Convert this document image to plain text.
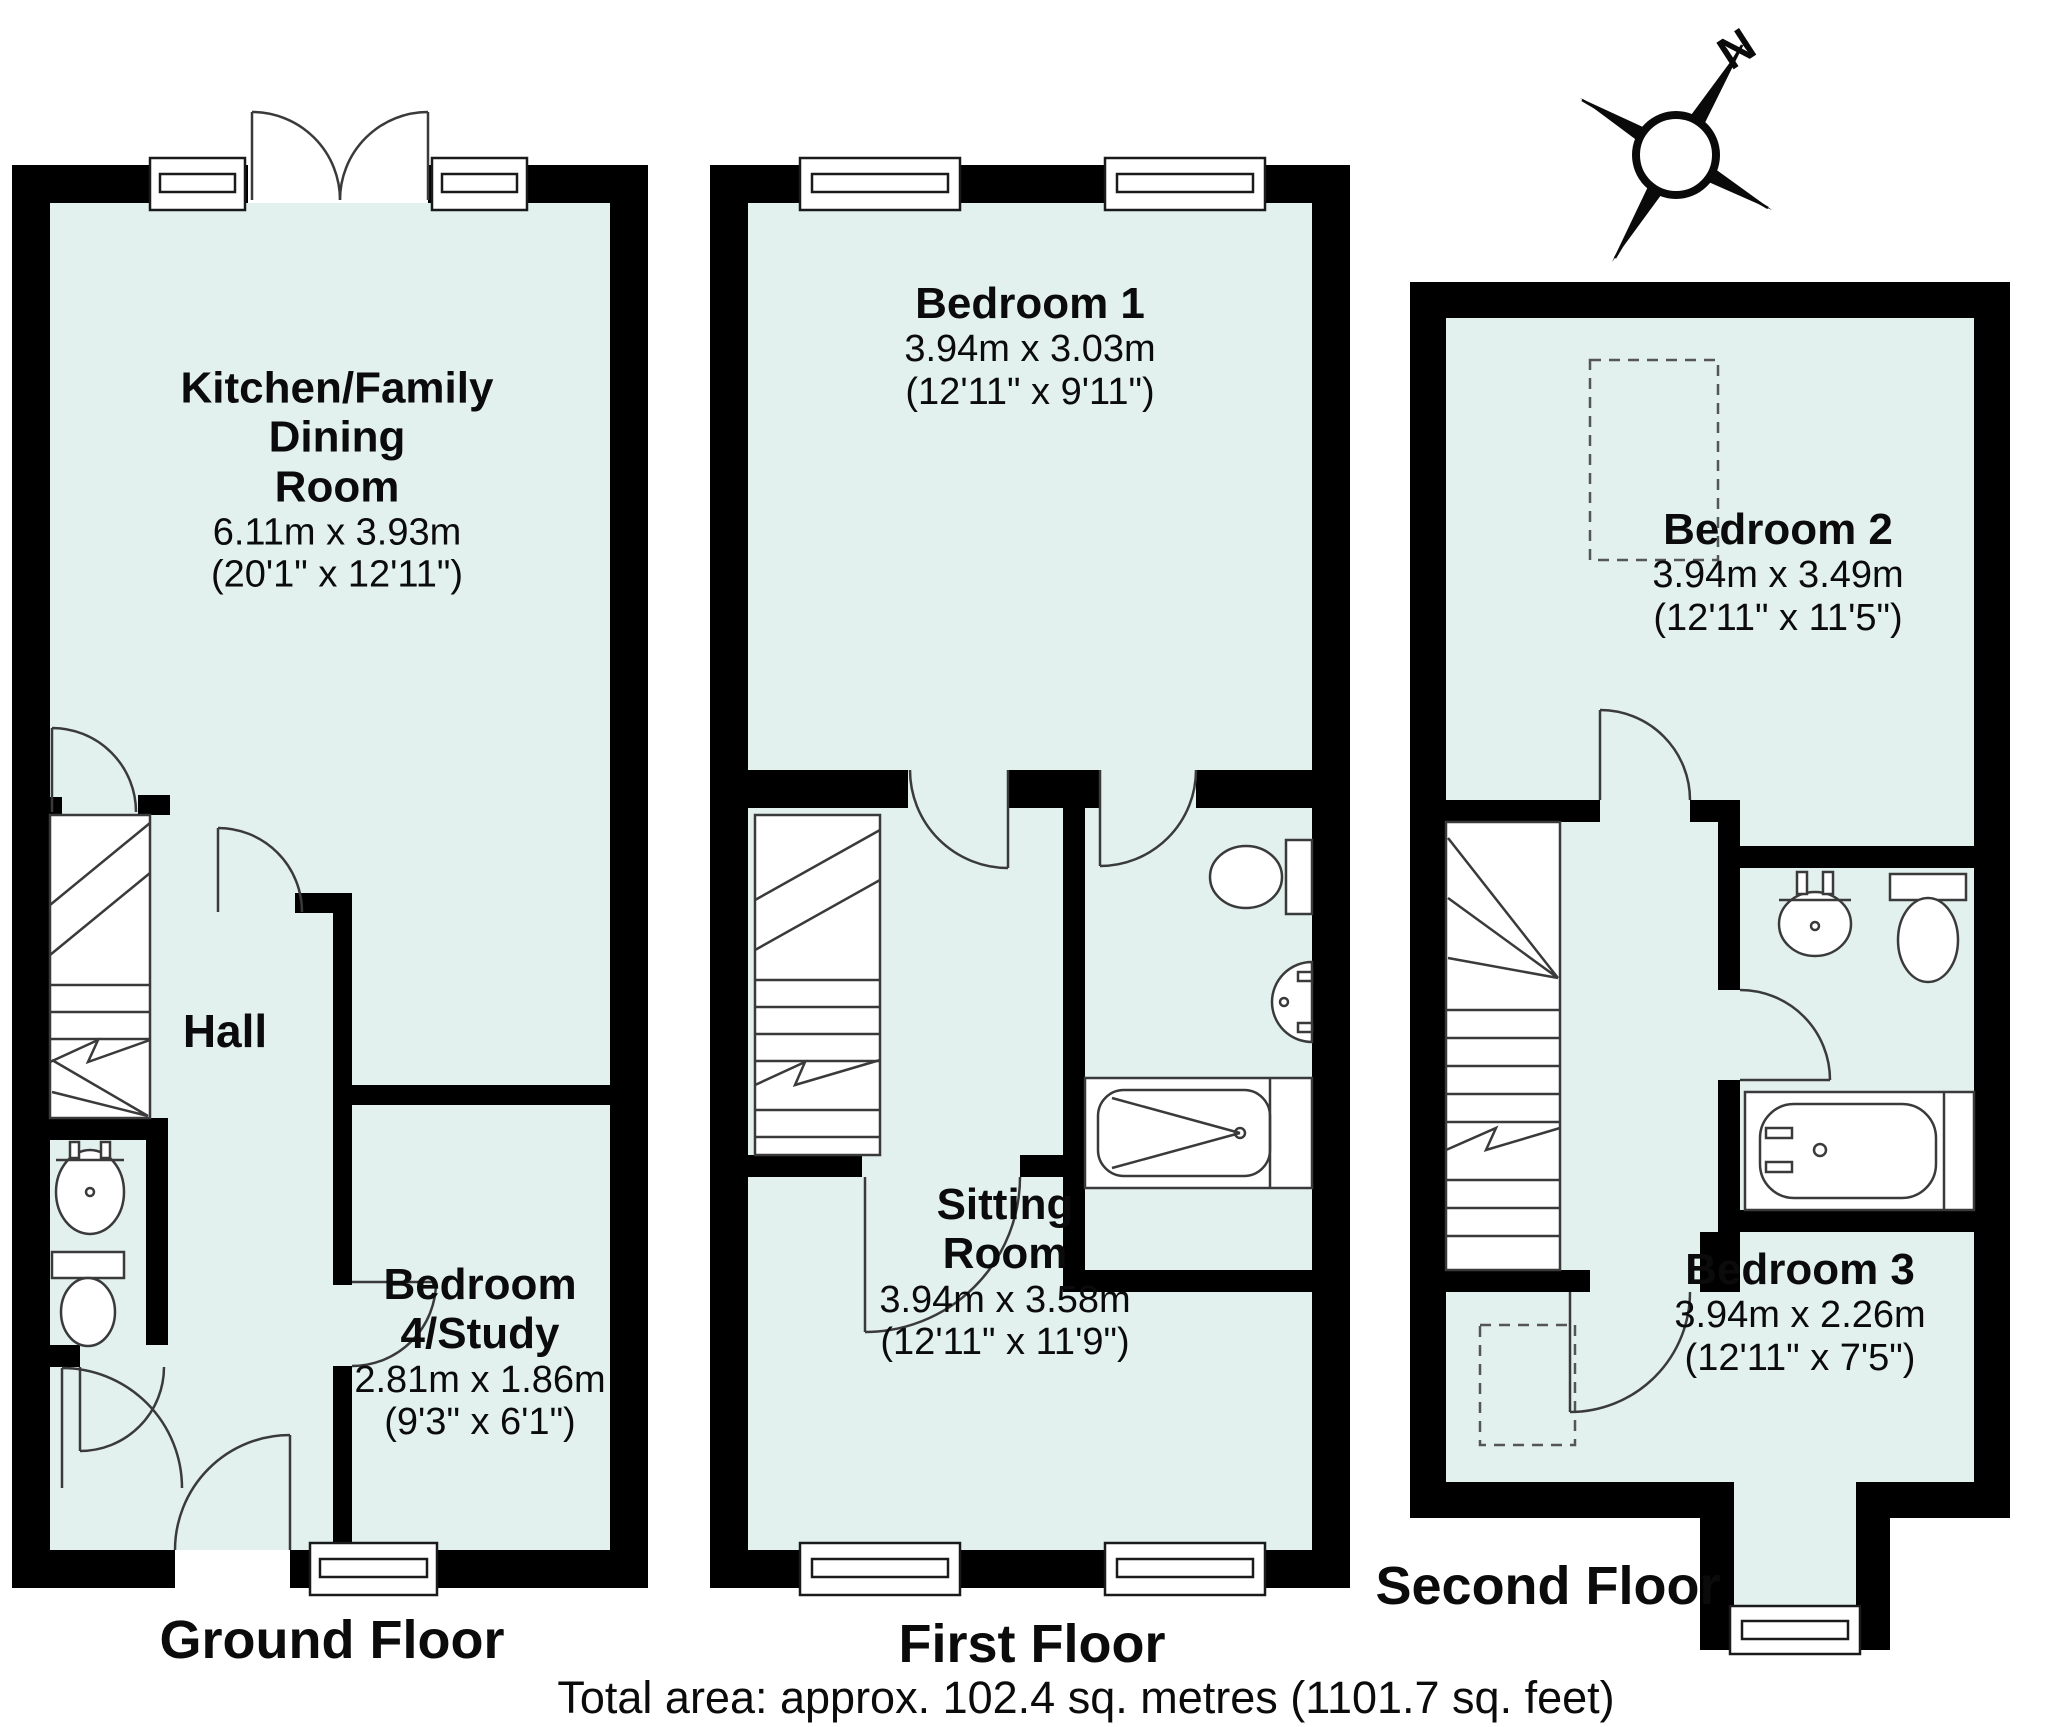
N
Kitchen/Family
Dining
Room
6.11m x 3.93m
(20'1" x 12'11")
Hall
Bedroom
4/Study
2.81m x 1.86m
(9'3" x 6'1")
Bedroom 1
3.94m x 3.03m
(12'11" x 9'11")
Sitting
Room
3.94m x 3.58m
(12'11" x 11'9")
Bedroom 2
3.94m x 3.49m
(12'11" x 11'5")
Bedroom 3
3.94m x 2.26m
(12'11" x 7'5")
Ground Floor	First Floor
Second Floor
Total area: approx. 102.4 sq. metres (1101.7 sq. feet)
